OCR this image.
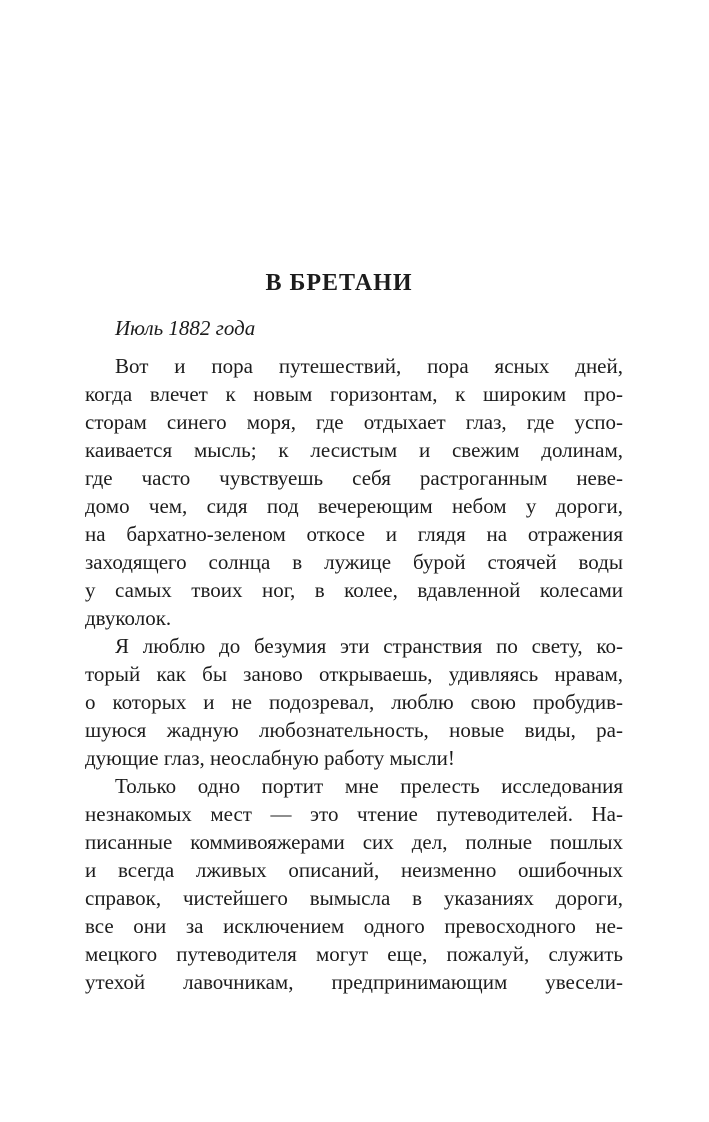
В БРЕТАНИ
Июль 1882 года
Вот и пора путешествий, пора ясных дней,
когда влечет к новым горизонтам, к широким про-
сторам синего моря, где отдыхает глаз, где успо-
каивается мысль; к лесистым и свежим долинам,
где часто чувствуешь себя растроганным неве-
домо чем, сидя под вечереющим небом у дороги,
на бархатно-зеленом откосе и глядя на отражения
заходящего солнца в лужице бурой стоячей воды
у самых твоих ног, в колее, вдавленной колесами
двуколок.
Я люблю до безумия эти странствия по свету, ко-
торый как бы заново открываешь, удивляясь нравам,
о которых и не подозревал, люблю свою пробудив-
шуюся жадную любознательность, новые виды, ра-
дующие глаз, неослабную работу мысли!
Только одно портит мне прелесть исследования
незнакомых мест — это чтение путеводителей. На-
писанные коммивояжерами сих дел, полные пошлых
и всегда лживых описаний, неизменно ошибочных
справок, чистейшего вымысла в указаниях дороги,
все они за исключением одного превосходного не-
мецкого путеводителя могут еще, пожалуй, служить
утехой лавочникам, предпринимающим увесели-
